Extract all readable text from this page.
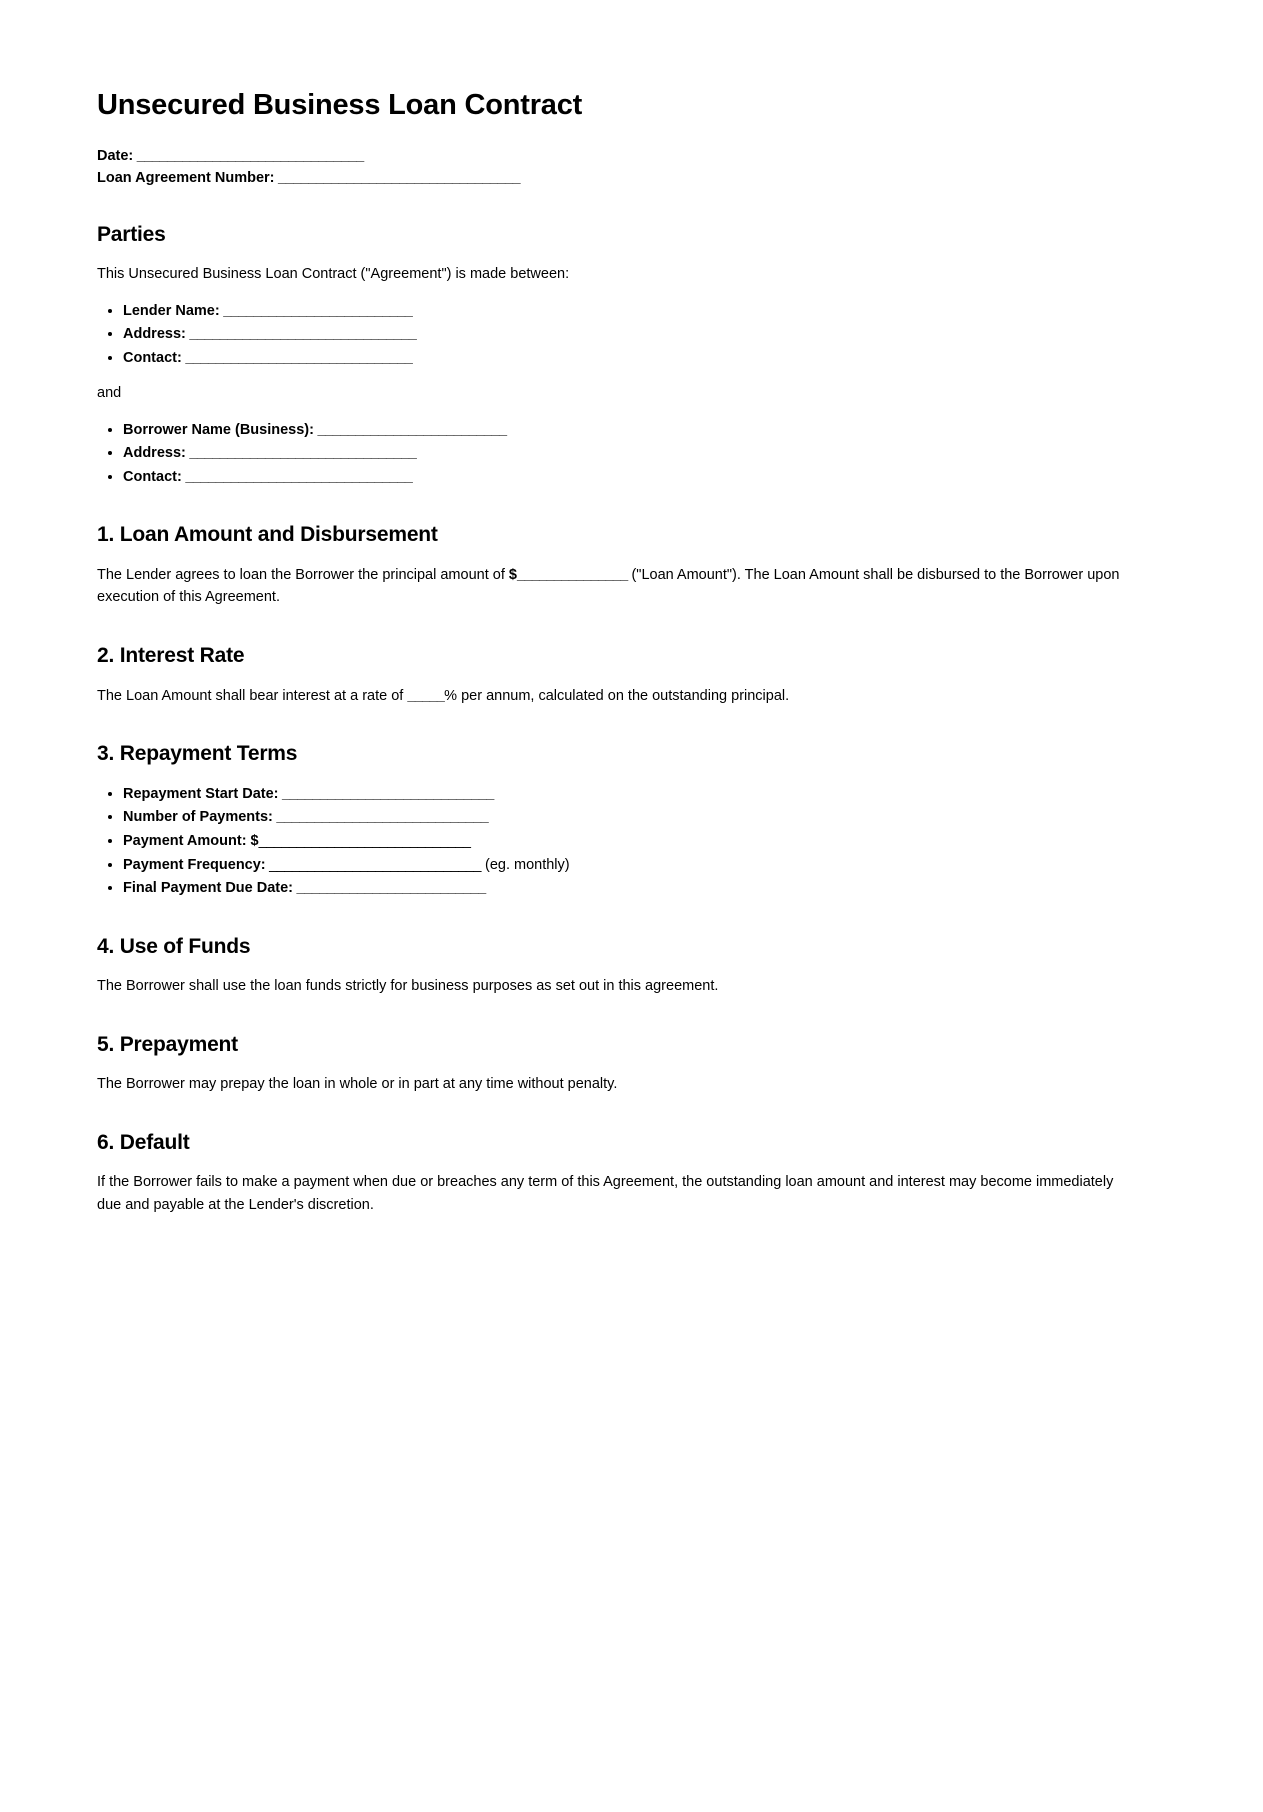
Unsecured Business Loan Contract

Date: ______________________________

Loan Agreement Number: ________________________________

Parties

This Unsecured Business Loan Contract ("Agreement") is made between:

• Lender Name: _________________________
• Address: ______________________________
• Contact: ______________________________

and

• Borrower Name (Business): _________________________
• Address: ______________________________
• Contact: ______________________________
1. Loan Amount and Disbursement

The Lender agrees to loan the Borrower the principal amount of $_______________ ("Loan Amount"). The Loan Amount shall be disbursed to the Borrower upon execution of this Agreement.

2. Interest Rate

The Loan Amount shall bear interest at a rate of _____% per annum, calculated on the outstanding principal.

3. Repayment Terms
• Repayment Start Date: ____________________________
• Number of Payments: ____________________________
• Payment Amount: $____________________________
• Payment Frequency: ____________________________ (eg. monthly)
• Final Payment Due Date: _________________________
4. Use of Funds

The Borrower shall use the loan funds strictly for business purposes as set out in this agreement.

5. Prepayment

The Borrower may prepay the loan in whole or in part at any time without penalty.

6. Default

If the Borrower fails to make a payment when due or breaches any term of this Agreement, the outstanding loan amount and interest may become immediately due and payable at the Lender's discretion.
